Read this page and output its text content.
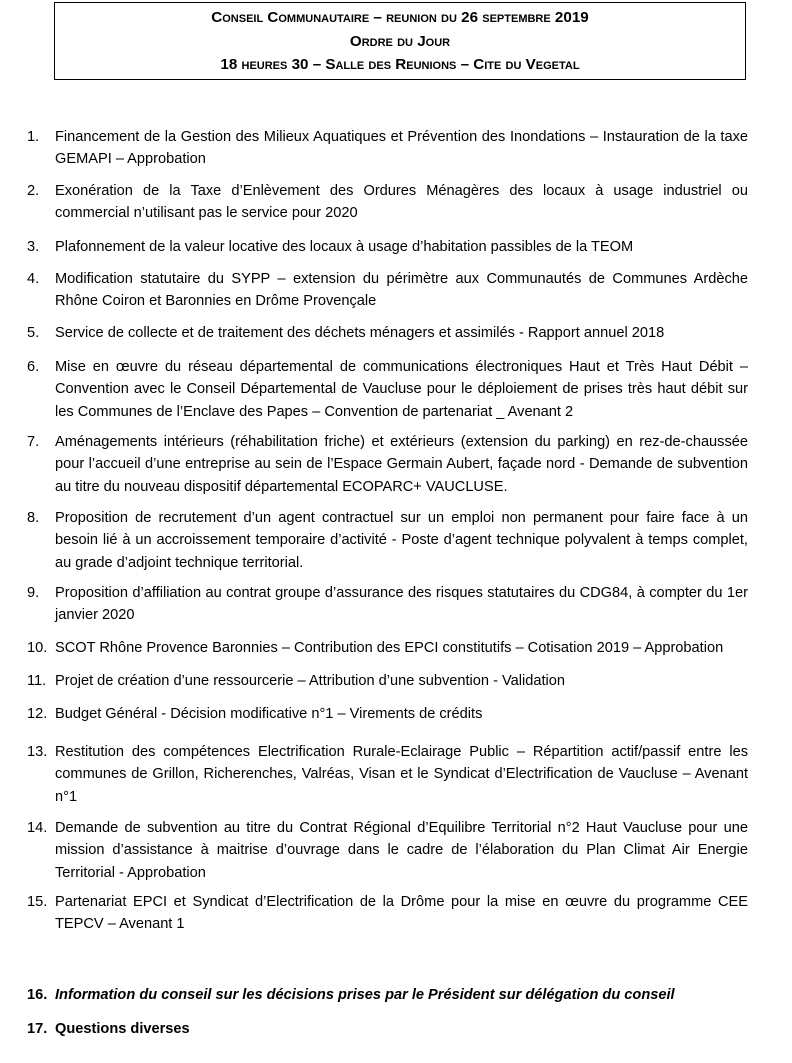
Conseil Communautaire – reunion du 26 septembre 2019
Ordre du Jour
18 heures 30 – Salle des Reunions – Cite du Vegetal
1. Financement de la Gestion des Milieux Aquatiques et Prévention des Inondations – Instauration de la taxe GEMAPI – Approbation
2. Exonération de la Taxe d’Enlèvement des Ordures Ménagères des locaux à usage industriel ou commercial n’utilisant pas le service pour 2020
3. Plafonnement de la valeur locative des locaux à usage d’habitation passibles de la TEOM
4. Modification statutaire du SYPP – extension du périmètre aux Communautés de Communes Ardèche Rhône Coiron et Baronnies en Drôme Provençale
5. Service de collecte et de traitement des déchets ménagers et assimilés - Rapport annuel 2018
6. Mise en œuvre du réseau départemental de communications électroniques Haut et Très Haut Débit – Convention avec le Conseil Départemental de Vaucluse pour le déploiement de prises très haut débit sur les Communes de l’Enclave des Papes – Convention de partenariat _ Avenant 2
7. Aménagements intérieurs (réhabilitation friche) et extérieurs (extension du parking) en rez-de-chaussée pour l’accueil d’une entreprise au sein de l’Espace Germain Aubert, façade nord - Demande de subvention au titre du nouveau dispositif départemental ECOPARC+ VAUCLUSE.
8. Proposition de recrutement d’un agent contractuel sur un emploi non permanent pour faire face à un besoin lié à un accroissement temporaire d’activité - Poste d’agent technique polyvalent à temps complet, au grade d’adjoint technique territorial.
9. Proposition d’affiliation au contrat groupe d’assurance des risques statutaires du CDG84, à compter du 1er janvier 2020
10. SCOT Rhône Provence Baronnies – Contribution des EPCI constitutifs – Cotisation 2019 – Approbation
11. Projet de création d’une ressourcerie – Attribution d’une subvention - Validation
12. Budget Général - Décision modificative n°1 – Virements de crédits
13. Restitution des compétences Electrification Rurale-Eclairage Public – Répartition actif/passif entre les communes de Grillon, Richerenches, Valréas, Visan et le Syndicat d’Electrification de Vaucluse – Avenant n°1
14. Demande de subvention au titre du Contrat Régional d’Equilibre Territorial n°2 Haut Vaucluse pour une mission d’assistance à maitrise d’ouvrage dans le cadre de l’élaboration du Plan Climat Air Energie Territorial - Approbation
15. Partenariat EPCI et Syndicat d’Electrification de la Drôme pour la mise en œuvre du programme CEE TEPCV – Avenant 1
16. Information du conseil sur les décisions prises par le Président sur délégation du conseil
17. Questions diverses
